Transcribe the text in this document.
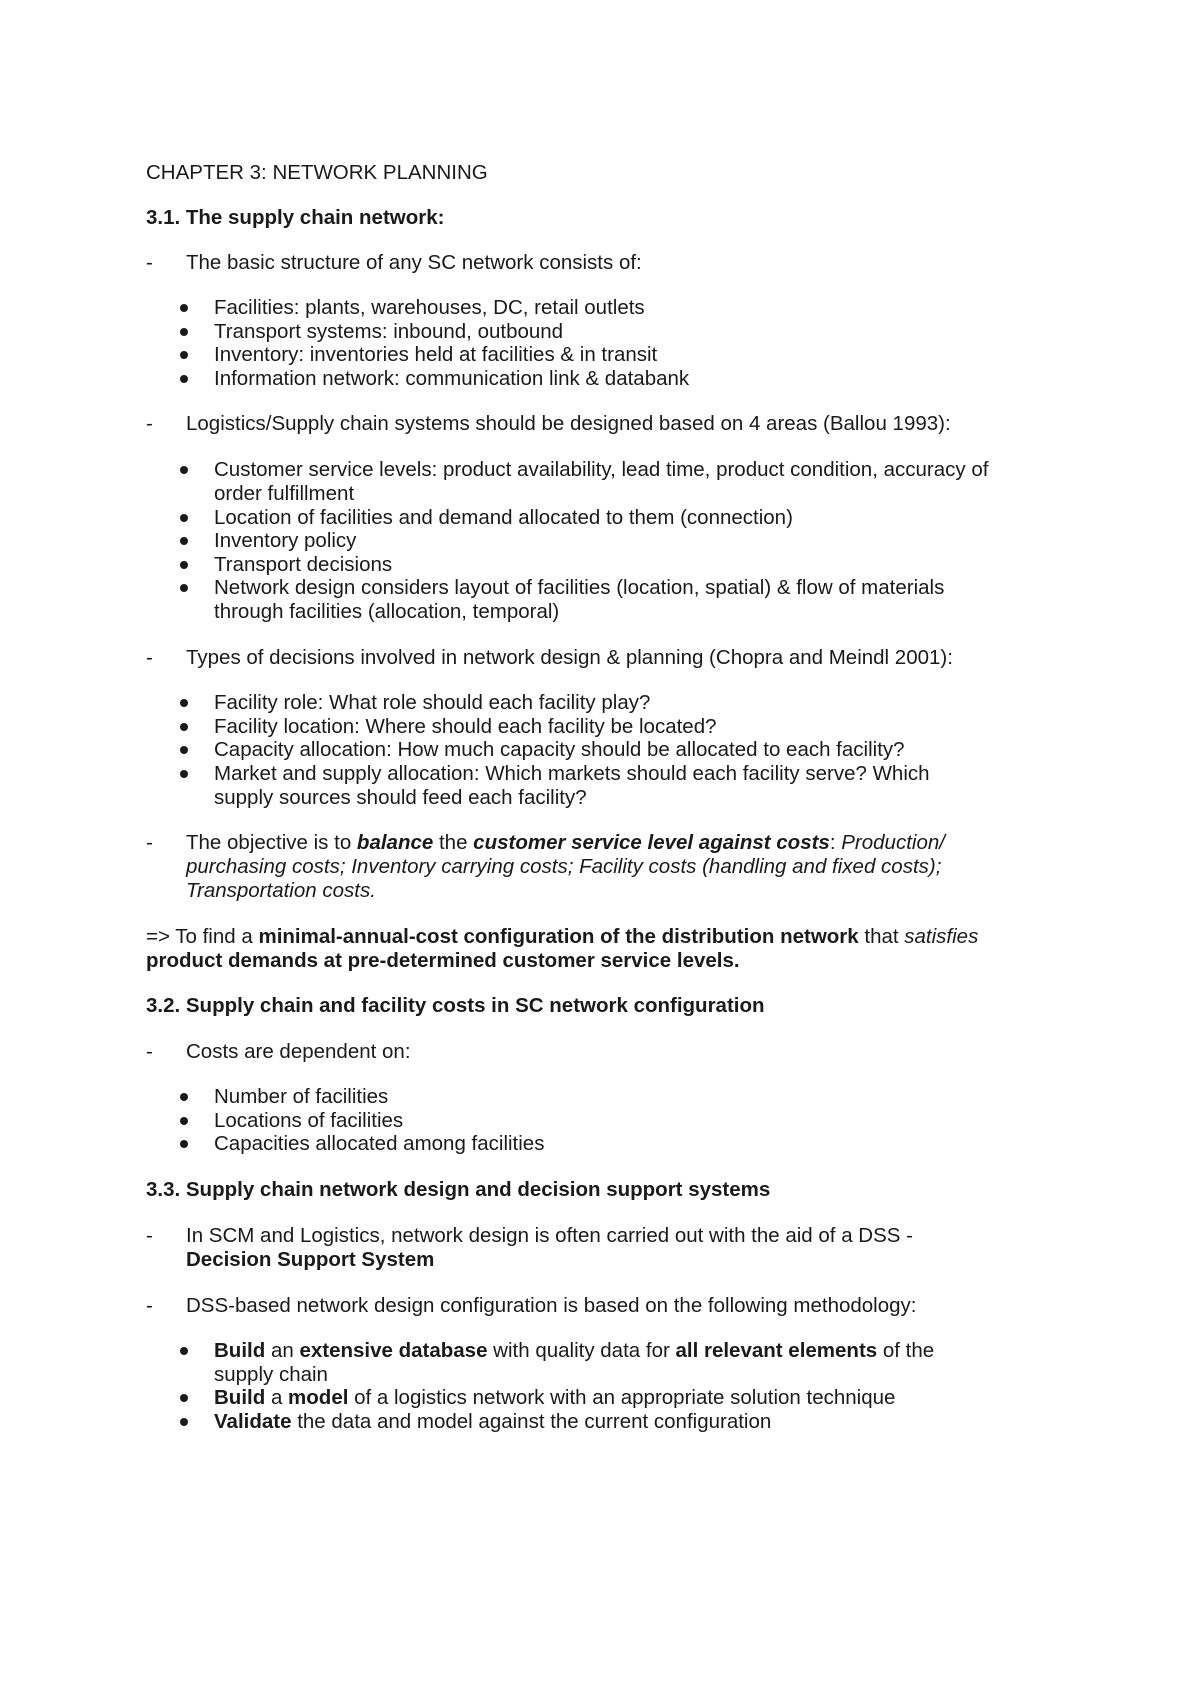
CHAPTER 3: NETWORK PLANNING
3.1. The supply chain network:
- The basic structure of any SC network consists of:
Facilities: plants, warehouses, DC, retail outlets
Transport systems: inbound, outbound
Inventory: inventories held at facilities & in transit
Information network: communication link & databank
- Logistics/Supply chain systems should be designed based on 4 areas (Ballou 1993):
Customer service levels: product availability, lead time, product condition, accuracy of
order fulfillment
Location of facilities and demand allocated to them (connection)
Inventory policy
Transport decisions
Network design considers layout of facilities (location, spatial) & flow of materials
through facilities (allocation, temporal)
- Types of decisions involved in network design & planning (Chopra and Meindl 2001):
Facility role: What role should each facility play?
Facility location: Where should each facility be located?
Capacity allocation: How much capacity should be allocated to each facility?
Market and supply allocation: Which markets should each facility serve? Which
supply sources should feed each facility?
- The objective is to balance the customer service level against costs: Production/
purchasing costs; Inventory carrying costs; Facility costs (handling and fixed costs);
Transportation costs.
=> To find a minimal-annual-cost configuration of the distribution network that satisfies
product demands at pre-determined customer service levels.
3.2. Supply chain and facility costs in SC network configuration
- Costs are dependent on:
Number of facilities
Locations of facilities
Capacities allocated among facilities
3.3. Supply chain network design and decision support systems
- In SCM and Logistics, network design is often carried out with the aid of a DSS -
Decision Support System
- DSS-based network design configuration is based on the following methodology:
Build an extensive database with quality data for all relevant elements of the
supply chain
Build a model of a logistics network with an appropriate solution technique
Validate the data and model against the current configuration
